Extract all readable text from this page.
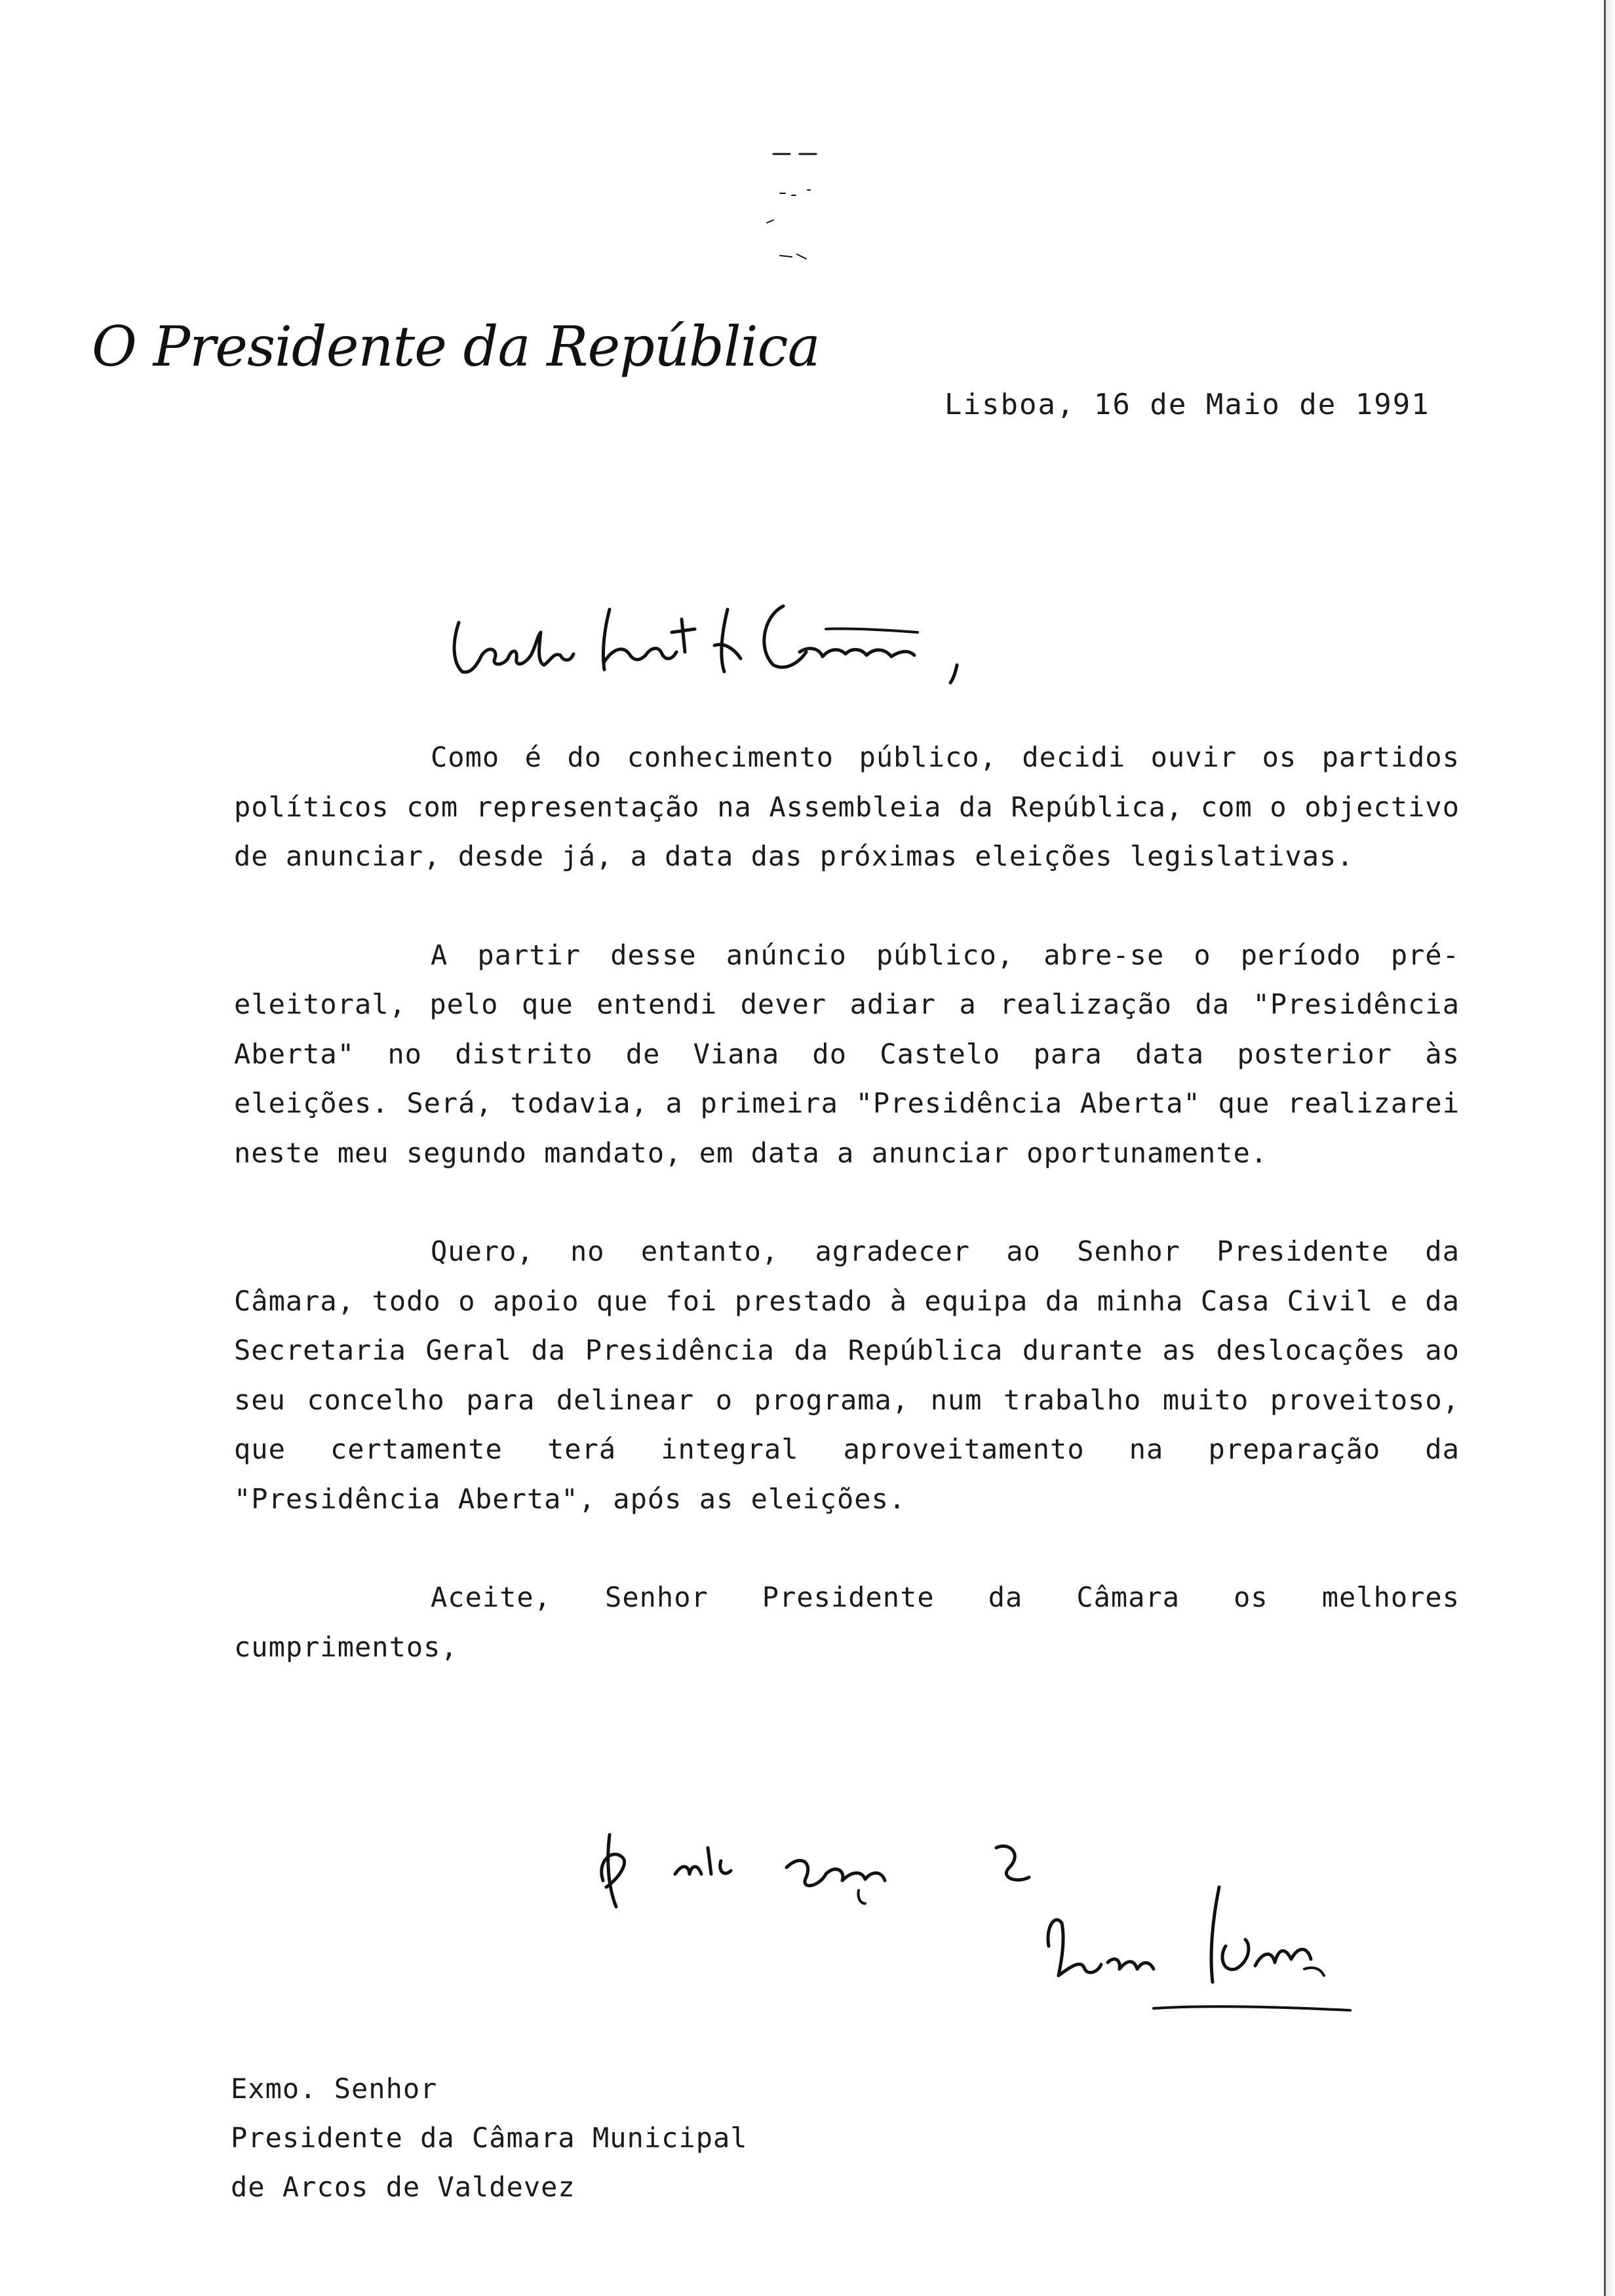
O Presidente da República
Lisboa, 16 de Maio de 1991

Como é do conhecimento público, decidi ouvir os partidos políticos com representação na Assembleia da República, com o objectivo de anunciar, desde já, a data das próximas eleições legislativas.

A partir desse anúncio público, abre-se o período pré-eleitoral, pelo que entendi dever adiar a realização da "Presidência Aberta" no distrito de Viana do Castelo para data posterior às eleições. Será, todavia, a primeira "Presidência Aberta" que realizarei neste meu segundo mandato, em data a anunciar oportunamente.

Quero, no entanto, agradecer ao Senhor Presidente da Câmara, todo o apoio que foi prestado à equipa da minha Casa Civil e da Secretaria Geral da Presidência da República durante as deslocações ao seu concelho para delinear o programa, num trabalho muito proveitoso, que certamente terá integral aproveitamento na preparação da "Presidência Aberta", após as eleições.

Aceite, Senhor Presidente da Câmara os melhores cumprimentos,

Exmo. Senhor
Presidente da Câmara Municipal
de Arcos de Valdevez
